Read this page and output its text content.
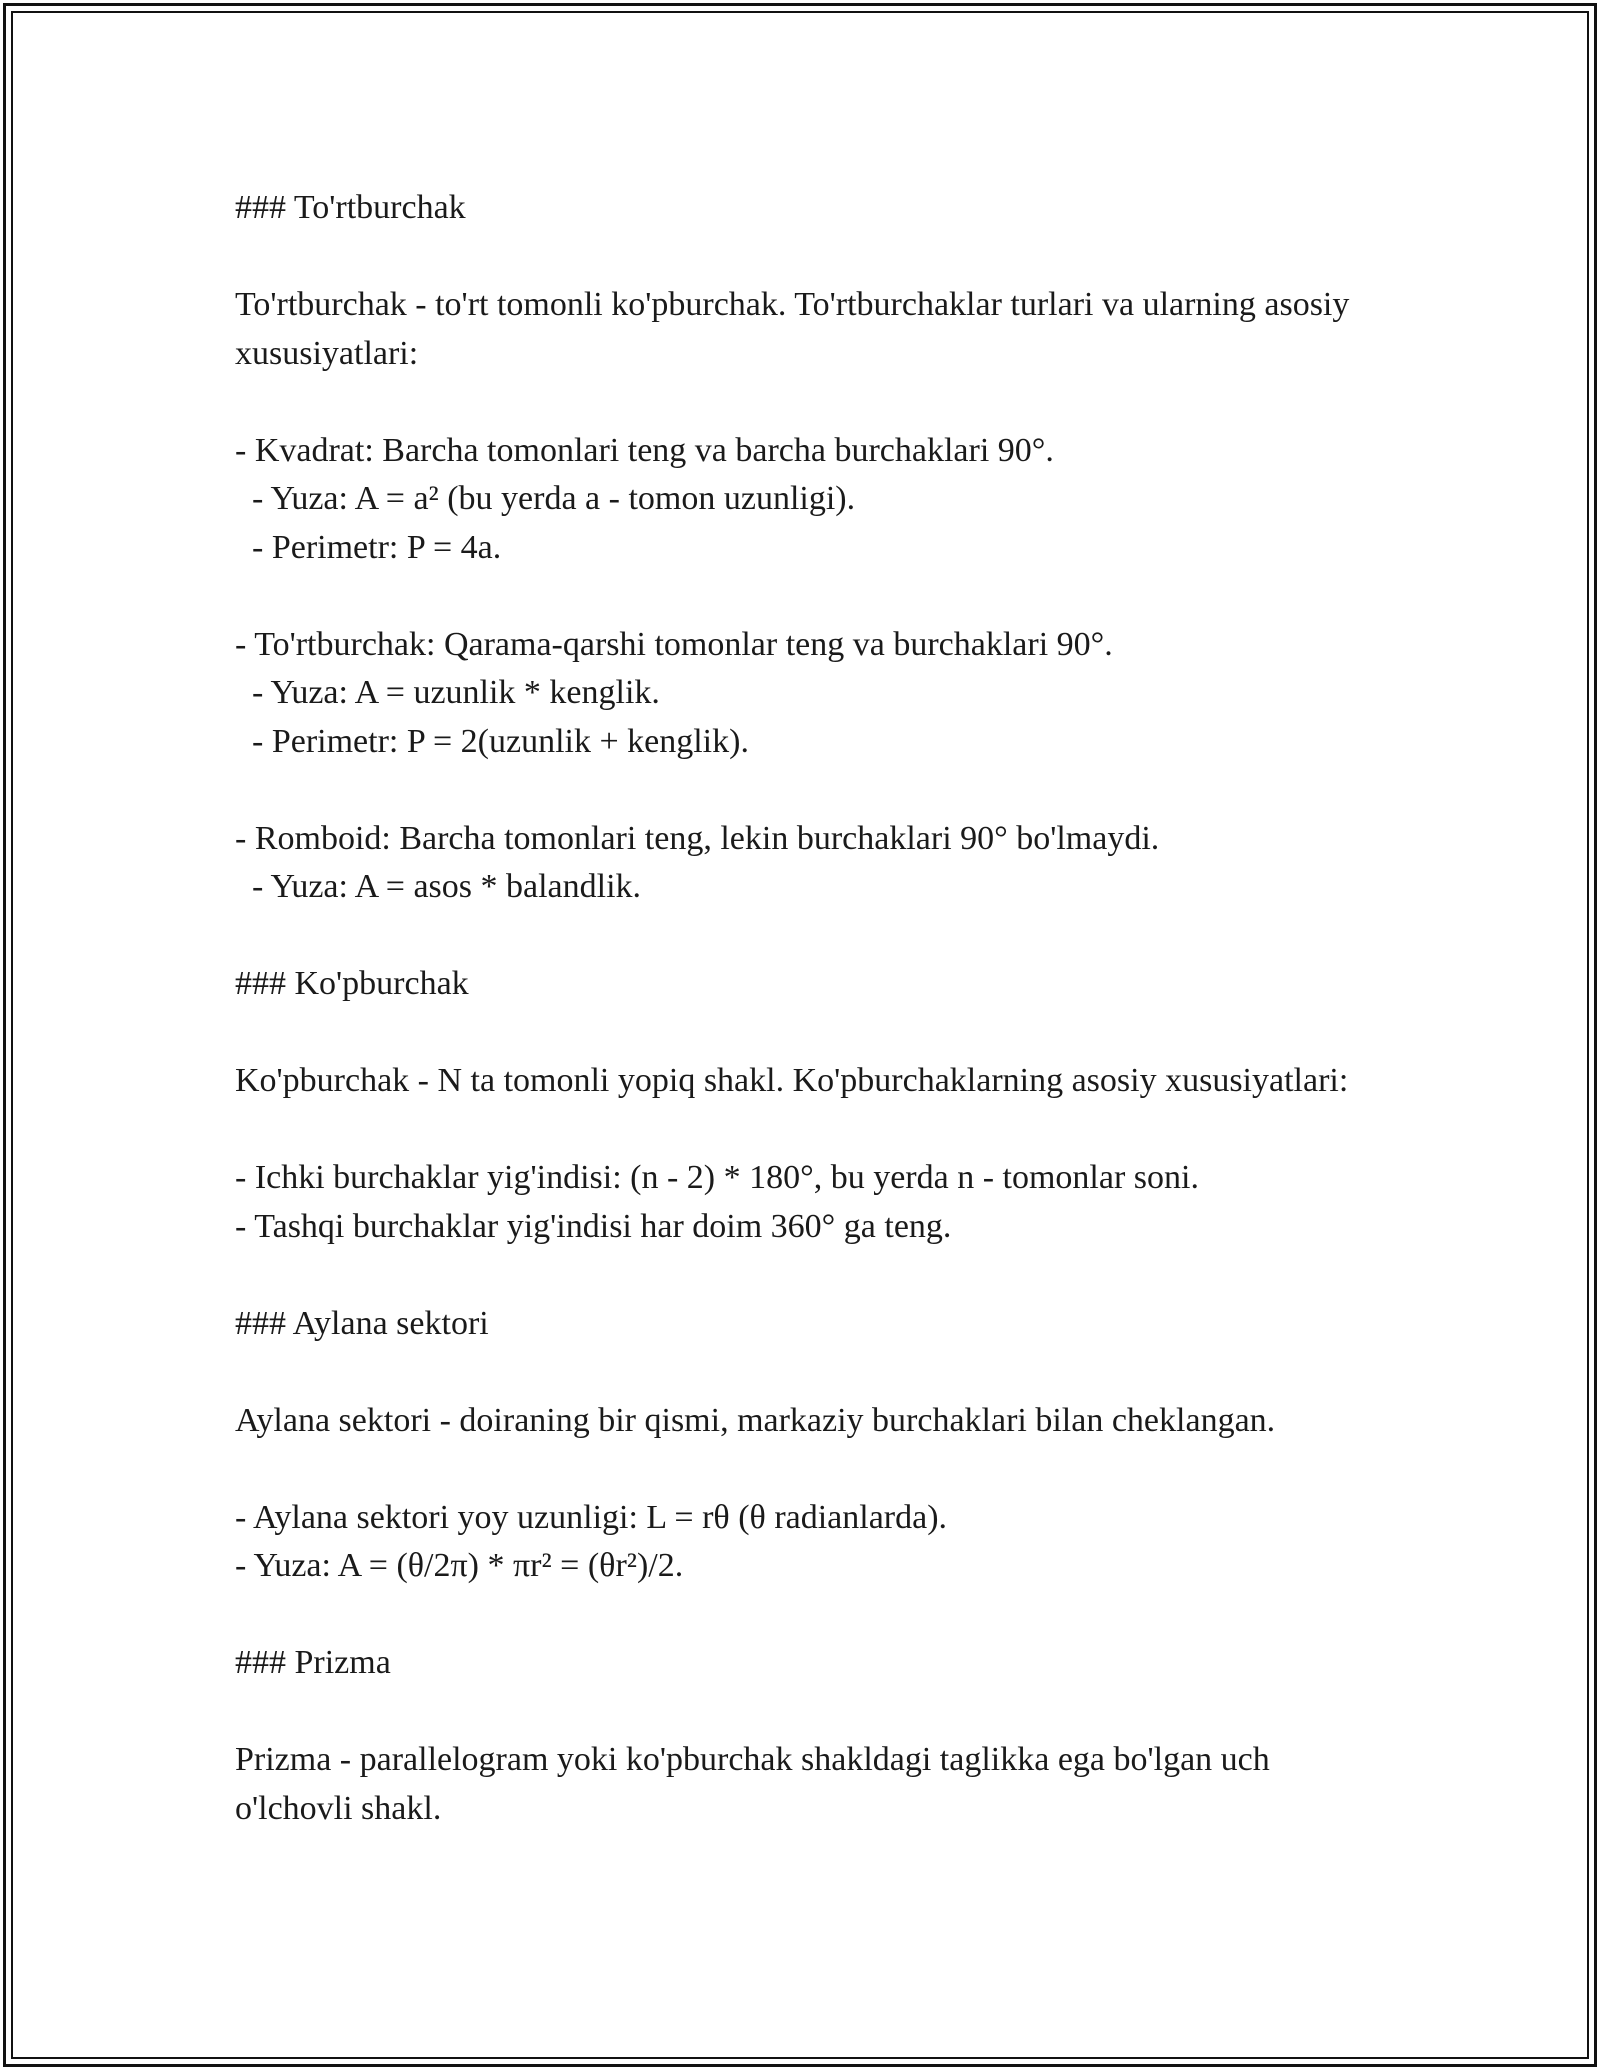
### To'rtburchak
To'rtburchak - to'rt tomonli ko'pburchak. To'rtburchaklar turlari va ularning asosiy xususiyatlari:
- Kvadrat: Barcha tomonlari teng va barcha burchaklari 90°.
- Yuza: A = a² (bu yerda a - tomon uzunligi).
- Perimetr: P = 4a.
- To'rtburchak: Qarama-qarshi tomonlar teng va burchaklari 90°.
- Yuza: A = uzunlik * kenglik.
- Perimetr: P = 2(uzunlik + kenglik).
- Romboid: Barcha tomonlari teng, lekin burchaklari 90° bo'lmaydi.
- Yuza: A = asos * balandlik.
### Ko'pburchak
Ko'pburchak - N ta tomonli yopiq shakl. Ko'pburchaklarning asosiy xususiyatlari:
- Ichki burchaklar yig'indisi: (n - 2) * 180°, bu yerda n - tomonlar soni.
- Tashqi burchaklar yig'indisi har doim 360° ga teng.
### Aylana sektori
Aylana sektori - doiraning bir qismi, markaziy burchaklari bilan cheklangan.
- Aylana sektori yoy uzunligi: L = rθ (θ radianlarda).
- Yuza: A = (θ/2π) * πr² = (θr²)/2.
### Prizma
Prizma - parallelogram yoki ko'pburchak shakldagi taglikka ega bo'lgan uch o'lchovli shakl.
